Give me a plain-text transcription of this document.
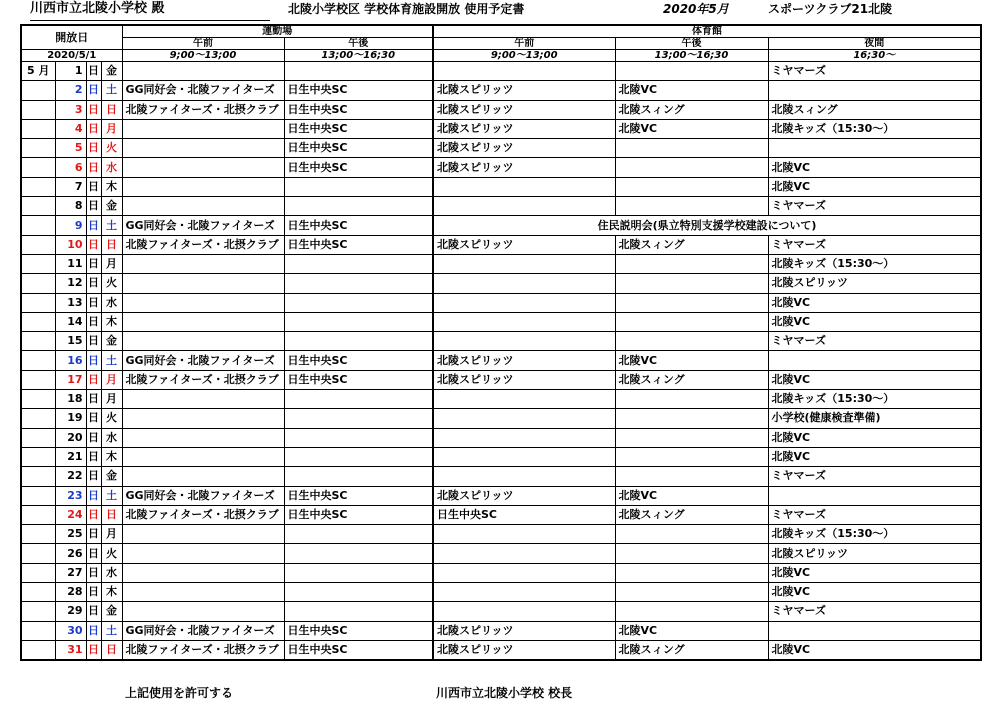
川西市立北陵小学校 殿	北陵小学校区 学校体育施設開放 使用予定書	2020年5月	スポーツクラブ21北陵
開放日				運動場		体育館		
				午前	午後	午前	午後	夜間
2020/5/1				9;00～13;00	13;00～16;30	9;00～13;00	13;00～16;30	16;30～
5 月	1	日	金					ミヤマーズ
	2	日	土	GG同好会・北陵ファイターズ	日生中央SC	北陵スピリッツ	北陵VC	
	3	日	日	北陵ファイターズ・北摂クラブ	日生中央SC	北陵スピリッツ	北陵スィング	北陵スィング
	4	日	月		日生中央SC	北陵スピリッツ	北陵VC	北陵キッズ（15:30～）
	5	日	火		日生中央SC	北陵スピリッツ		
	6	日	水		日生中央SC	北陵スピリッツ		北陵VC
	7	日	木					北陵VC
	8	日	金					ミヤマーズ
	9	日	土	GG同好会・北陵ファイターズ	日生中央SC	住民説明会(県立特別支援学校建設について)		
	10	日	日	北陵ファイターズ・北摂クラブ	日生中央SC	北陵スピリッツ	北陵スィング	ミヤマーズ
	11	日	月					北陵キッズ（15:30～）
	12	日	火					北陵スピリッツ
	13	日	水					北陵VC
	14	日	木					北陵VC
	15	日	金					ミヤマーズ
	16	日	土	GG同好会・北陵ファイターズ	日生中央SC	北陵スピリッツ	北陵VC	
	17	日	月	北陵ファイターズ・北摂クラブ	日生中央SC	北陵スピリッツ	北陵スィング	北陵VC
	18	日	月					北陵キッズ（15:30～）
	19	日	火					小学校(健康検査準備)
	20	日	水					北陵VC
	21	日	木					北陵VC
	22	日	金					ミヤマーズ
	23	日	土	GG同好会・北陵ファイターズ	日生中央SC	北陵スピリッツ	北陵VC	
	24	日	日	北陵ファイターズ・北摂クラブ	日生中央SC	日生中央SC	北陵スィング	ミヤマーズ
	25	日	月					北陵キッズ（15:30～）
	26	日	火					北陵スピリッツ
	27	日	水					北陵VC
	28	日	木					北陵VC
	29	日	金					ミヤマーズ
	30	日	土	GG同好会・北陵ファイターズ	日生中央SC	北陵スピリッツ	北陵VC	
	31	日	日	北陵ファイターズ・北摂クラブ	日生中央SC	北陵スピリッツ	北陵スィング	北陵VC
上記使用を許可する	川西市立北陵小学校 校長
